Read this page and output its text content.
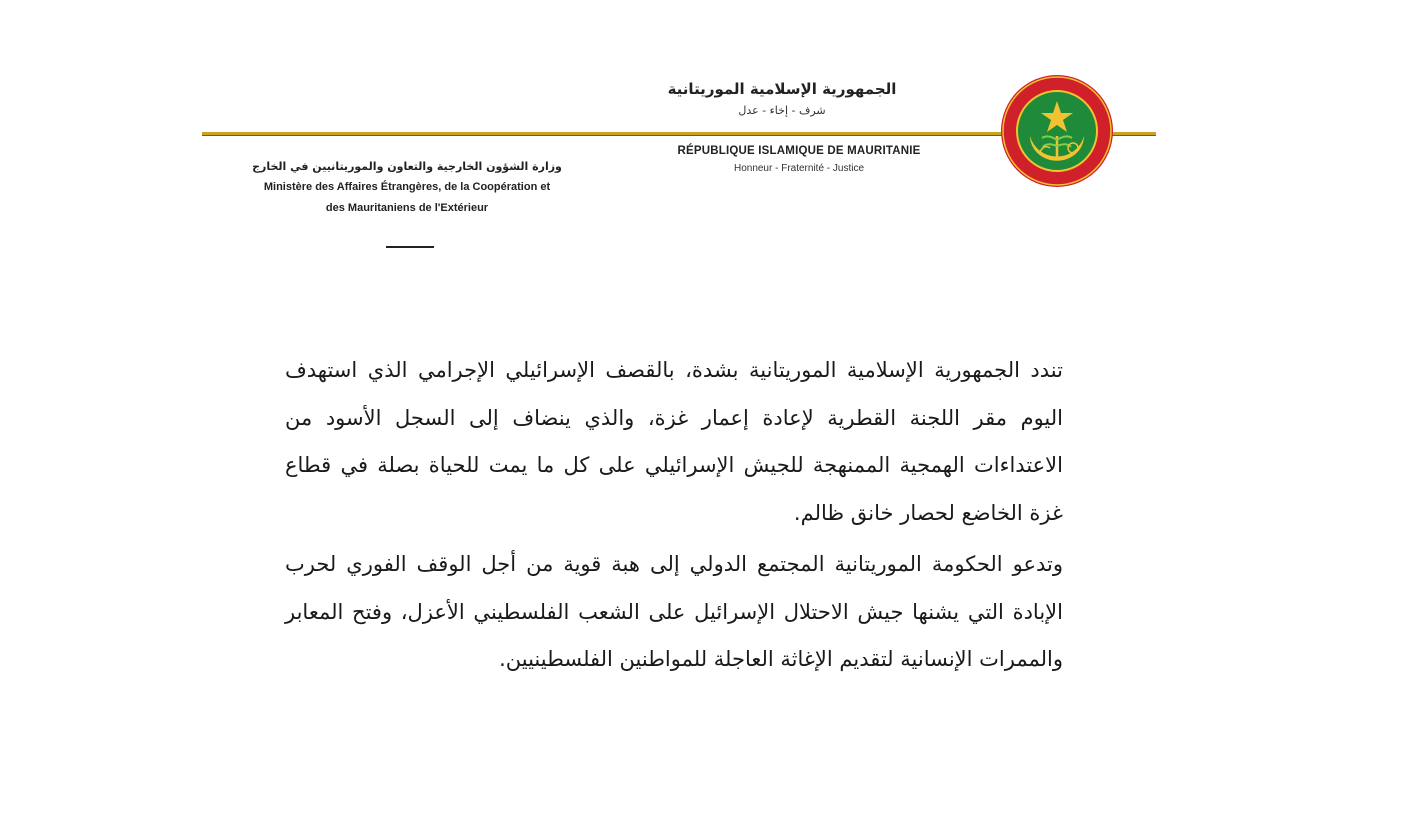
الجمهورية الإسلامية الموريتانية
شرف - إخاء - عدل
RÉPUBLIQUE ISLAMIQUE DE MAURITANIE
Honneur - Fraternité - Justice
وزارة الشؤون الخارجية والتعاون والموريتانيين في الخارج
Ministère des Affaires Étrangères, de la Coopération et
des Mauritaniens de l'Extérieur

تندد الجمهورية الإسلامية الموريتانية بشدة، بالقصف الإسرائيلي الإجرامي الذي استهدف اليوم مقر اللجنة القطرية لإعادة إعمار غزة، والذي ينضاف إلى السجل الأسود من الاعتداءات الهمجية الممنهجة للجيش الإسرائيلي على كل ما يمت للحياة بصلة في قطاع غزة الخاضع لحصار خانق ظالم.

وتدعو الحكومة الموريتانية المجتمع الدولي إلى هبة قوية من أجل الوقف الفوري لحرب الإبادة التي يشنها جيش الاحتلال الإسرائيل على الشعب الفلسطيني الأعزل، وفتح المعابر والممرات الإنسانية لتقديم الإغاثة العاجلة للمواطنين الفلسطينيين.
